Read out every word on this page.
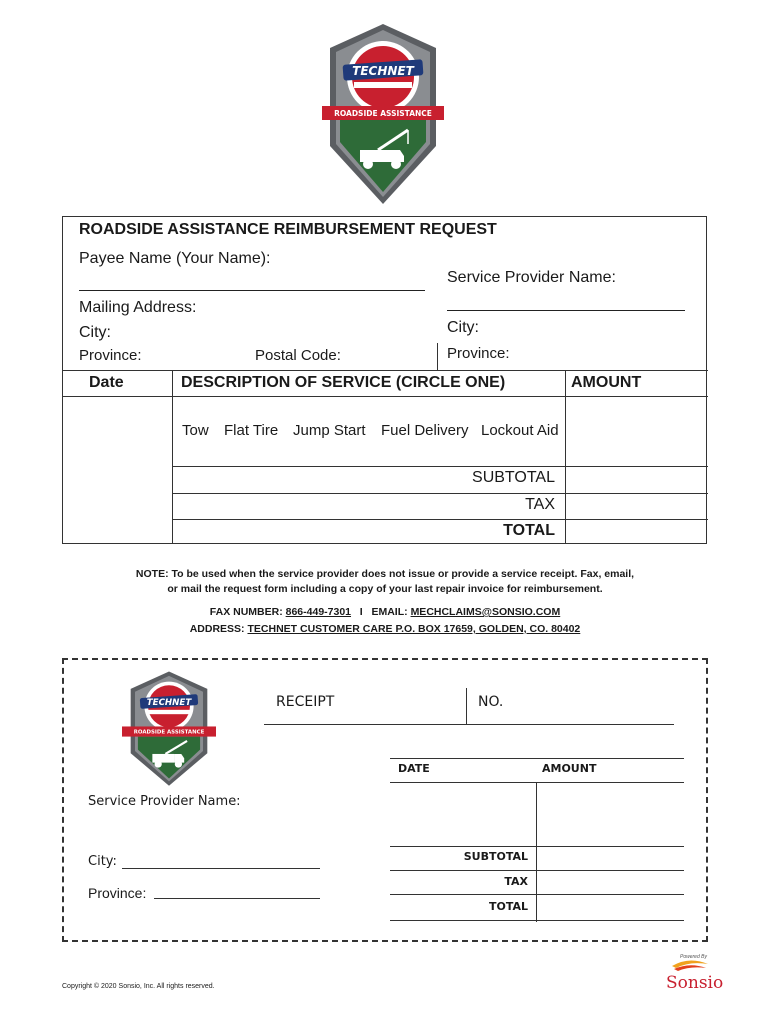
TECHNET
ROADSIDE ASSISTANCE
ROADSIDE ASSISTANCE REIMBURSEMENT REQUEST
Payee Name (Your Name):
Mailing Address:
City:
Province:	Postal Code:
Service Provider Name:
City:
Province:
Date	DESCRIPTION OF SERVICE (CIRCLE ONE)	AMOUNT
Tow Flat Tire Jump Start Fuel Delivery Lockout Aid
SUBTOTAL
TAX
TOTAL
NOTE: To be used when the service provider does not issue or provide a service receipt. Fax, email,
or mail the request form including a copy of your last repair invoice for reimbursement.
FAX NUMBER: 866-449-7301 I EMAIL: MECHCLAIMS@SONSIO.COM
ADDRESS: TECHNET CUSTOMER CARE P.O. BOX 17659, GOLDEN, CO. 80402
TECHNET
ROADSIDE ASSISTANCE
RECEIPT	NO.
DATE	AMOUNT
Service Provider Name:
SUBTOTAL
TAX
TOTAL
City:
Province:
Copyright © 2020 Sonsio, Inc. All rights reserved.
Powered By
Sonsio
